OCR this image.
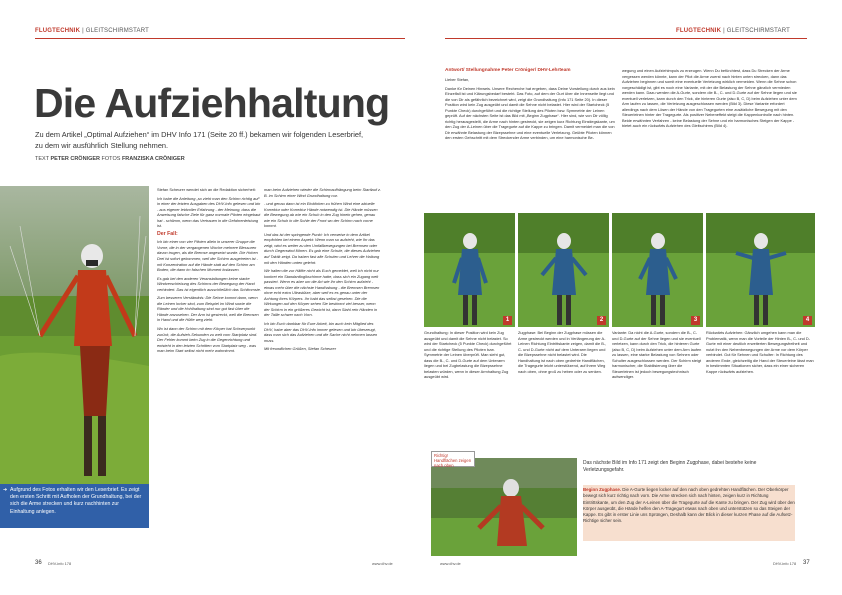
FLUGTECHNIK | GLEITSCHIRMSTART
Die Aufziehhaltung
Zu dem Artikel „Optimal Aufziehen“ im DHV Info 171 (Seite 20 ff.) bekamen wir folgenden Leserbrief, zu dem wir ausführlich Stellung nehmen.
TEXT PETER CRÖNIGER FOTOS FRANZISKA CRÖNIGER
➜ Aufgrund des Fotos erhalten wir den Leserbrief. Es zeigt den ersten Schritt mit Aufholen der Grundhaltung, bei der sich die Arme strecken und kurz nachhinten zur Einhaltung anlegen.

Stefan Scheurer wendet sich an die Redaktion sicherheit:

Ich habe die Anleitung „so zieht man den Schirm richtig auf“ in einer der letzten Ausgaben des DHV-Info gelesen und bin - aus eigener leidvoller Erfahrung - der Meinung, dass die Anweisung falsche Ziele für ganz normale Piloten eingebaut hat - schlimm, wenn das Vertrauen in die Gefahrenleistung ist.

Der Fall:

Ich bin einer von vier Piloten allein in unserer Gruppe die Vorne, die in der vergangenen Woche mehrere Blessuren davon trugen, als die Bremse angesetzt wurde. Die Hohen Drei ist sofort gekommen, weil der Schirm ausgetreten ist - mit Konzentration auf die Hände statt auf den Schirm am Boden, die dann im falschen Moment loslassen.

Es gab bei den anderen Veranstaltungen keine starke Windverschiebung des Schirms der Bewegung der Hand verhindert. Das ist eigentlich ausschließlich das Schlimmste.

Zum besseren Verständnis: Die Sehne kommt dann, wenn die Leinen locker sind, zum Beispiel im Wind sowie die Ränder und die Hohlhaltung sind nur gut fast über die Hände anzusehen. Der Arm ist gestreckt, weil die Bremsen in Hand und die Hüfte weg zieht.

Wo ist dann der Schirm mit dem Körper hat Schwerpunkt zurück, die Aufsteh-Sekunden zu weit vom Startplatz sind. Der Fehler kommt beim Zug in die Gegenrichtung und entsteht in den letzten Schritten vom Startplatz weg - was man beim Start selbst nicht mehr wahrnimmt.

man beim Aufziehen wieder die Schirmaufhängung beim Startlauf z. B. im Schirm einer Wind Grundhaltung nur.

- und genau dann ist ein Einklinken zu frühen Wind eine aktuelle Korrektur oder Korrektur Hände notwendig ist. Die Hände müssen die Bewegung ab wie ein Schuh in den Zug hinein gehen, genau wie ein Schuh in die Sohle der Front wo der Schirm nach vorne kommt.

Und das ist der springende Punkt: Ich verweise in dem Artikel empfohlen bei einem Aspekt: Wenn man so aufzieht, wie Ihr das zeigt, wird es weiter zu den Umfallbewegungen bei Bremsen oder durch Gegenwind führen. Es gab eine Schule, die dieses Aufziehen auf Taktik zeigt. Da haben fast alle Schulen und Lehrer die Haltung mit den Händen unten gelehrt.

Wir halten die zur Hälfte nicht als Euch gemeldet, weil ich nicht nur konkret ein Standardlogikschirme hatte, dass sich ein Zugang weit passiert. Wenn es aber um die Art wie Ihr den Schirm aufzieht - etwas mehr über die nächste Handhabung - die Bremsen Bremsen ohne echt extra Ultrastütze, aber weil es es genau unter der Achtung ihres Körpers. Ihr habt das selbst gesehen. Die die Wirkungen auf den Körper sehen Sie bestimmt viel besser, wenn der Schirm in ein größeres Gewicht ist, dann Stahl rein Händen in der Taille schwer nach Vorn.

Ich bin Euch dankbar für Eure Arbeit, bin auch kein Mitglied des DHV, habe aber das DHV-Info immer gelesen und bin überzeugt, dass man sich das Aufziehen und die Sache nicht nehmen lassen muss.

Mit freundlichen Grüßen, Stefan Scheurer

36 DHV-info 178	www.dhv.de
FLUGTECHNIK | GLEITSCHIRMSTART
Antwort/ Stellungnahme Peter Cröniger/ DHV-Lehrteam

Lieber Stefan,

Danke für Deinen Hinweis. Unsere Recherche hat ergeben, dass Deine Vorstellung durch aus kein Einzelfall ist und Klärungsbedarf besteht. Das Foto, auf dem der Gurt über die Innenseite liegt und die von Dir als gefährlich bezeichnet wird, zeigt die Grundhaltung (Info 171 Seite 20). In dieser Position wird kein Zug ausgeübt und damit die Sehne nicht belastet. Hier wird der Startcheck (5 Punkte Check) durchgeführt und die richtige Stellung des Piloten bzw. Symmetrie der Leinen geprüft. Auf der nächsten Seite ist das Bild mit „Beginn Zugphase“. Hier sind, wie von Dir völlig richtig herausgestellt, die Arme nach hinten gestreckt, sie zeigen kurz Richtung Einstiegskante, um den Zug der A-Leinen über die Tragegurte auf die Kappe zu bringen. Damit vermeidet man die von Dir erwähnte Belastung der Bizepssehne und eine eventuelle Verletzung. Geübte Piloten können den ersten Gehschritt mit dem Streckender Arme verbinden, um eine harmonische Be-

wegung und einen Aufziehimpuls zu erzeugen. Wenn Du befürchtest, dass Du Strecken der Arme vergessen werden könnte, kann der Pilot die Arme zuerst nach hinten unten strecken, dann das Aufziehen beginnen und somit eine eventuelle Verletzung wirklich vermeiden. Wenn die Sehne schon vorgeschädigt ist, gibt es noch eine Variante, mit der die Belastung der Sehne gänzlich vermieden werden kann. Dazu werden die A-Gurte, sondern die B-, C- und D-Gurte auf der Sehne liegen und sie eventuell verletzen, kann durch den Trick, die hinteren Gurte (also B, C, D) beim Aufziehen unter dem Arm laufen zu lassen, die Verletzung ausgeschlossen werden (Bild 3). Diese Variante erfordert allerdings nach dem Lösen der Hände von den Tragegurten eine zusätzliche Bewegung mit den Steuerleinen hinter der Tragegurte. Als positiver Nebeneffekt steigt die Kappenkontrolle nach hinten. Beide erwähnten Verfahren - keine Belastung der Sehne und ein harmonisches Steigen der Kappe - bietet auch ein rückwärts Aufziehen des Gleitschirms (Bild 4).

1	2	3	4
Grundhaltung: In dieser Position wird kein Zug ausgeübt und damit die Sehne nicht belastet. So wird der Startcheck (5 Punkte Check) durchgeführt und die richtige Stellung des Piloten bzw. Symmetrie der Leinen überprüft. Man sieht gut, dass die B-, C- und D-Gurte auf dem Unterarm liegen und bei Zugbelastung die Bizepssehne belasten würden, wenn in dieser Armhaltung Zug ausgeübt wird.
Zugphase: Bei Beginn der Zugphase müssen die Arme gestreckt werden und in Verlängerung der A-Leinen Richtung Eintrittskante zeigen, damit die B-, C- und D-Gurte nicht auf dem Unterarm liegen und die Bizepssehne nicht belastet wird. Die Handhaltung ist nach oben gedrehte Handflächen, die Tragegurte leicht unterstützend, auf ihrem Weg nach oben, ohne groß zu heben oder zu senken.
Variante: Da nicht die A-Gurte, sondern die B-, C- und D-Gurte auf der Sehne liegen und sie eventuell verletzen, kann durch den Trick, die hinteren Gurte (also B, C, D) beim Aufziehen unter dem Arm laufen zu lassen, eine starke Belastung von Sehnen oder Schulter ausgeschlossen werden. Der Schirm steigt harmonischer, die Stabilisierung über die Steuerleinen ist jedoch bewegungstechnisch aufwendiger.
Rückwärts Aufziehen: Gänzlich umgehen kann man die Problematik, wenn man die Vorteile der Hinten B-, C- und D-Gurte mit einer deutlich erweiterten Bewegungsfreiheit und nutzt ihn den Nebenbewegungen der Arme vor dem Körper verbindet. Gut für Sehnen und Schulter: In Richtung des anderen Ende, gleichzeitig die Hand der Steuerleine lässt man in bestimmten Situationen sicher, dass ein einer sicheren Kappe rückwärts aufziehen.
Richtig! Handflächen zeigen nach oben	Das nächste Bild im Info 171 zeigt den Beginn Zugphase, dabei bestehe keine Verletzungsgefahr.
Beginn Zugphase. Die A-Gurte liegen locker auf den nach oben gedrehten Handflächen. Der Oberkörper bewegt sich kurz richtig nach vorn. Die Arme strecken sich nach hinten, zeigen kurz in Richtung Eintrittskante, um den Zug der A-Leinen über die Tragegurte auf die Kante zu bringen. Der Zug wird über den Körper ausgeübt, die Hände helfen den A-Tragegurt etwas nach oben und unterstützen so das Steigen der Kappe. Es gibt in erster Linie uns Sprüngen, Deshalb kann der Blick in dieser kurzen Phase auf die Aufsetz-Richtige sicher sein.
www.dhv.de	DHV-info 178 37
